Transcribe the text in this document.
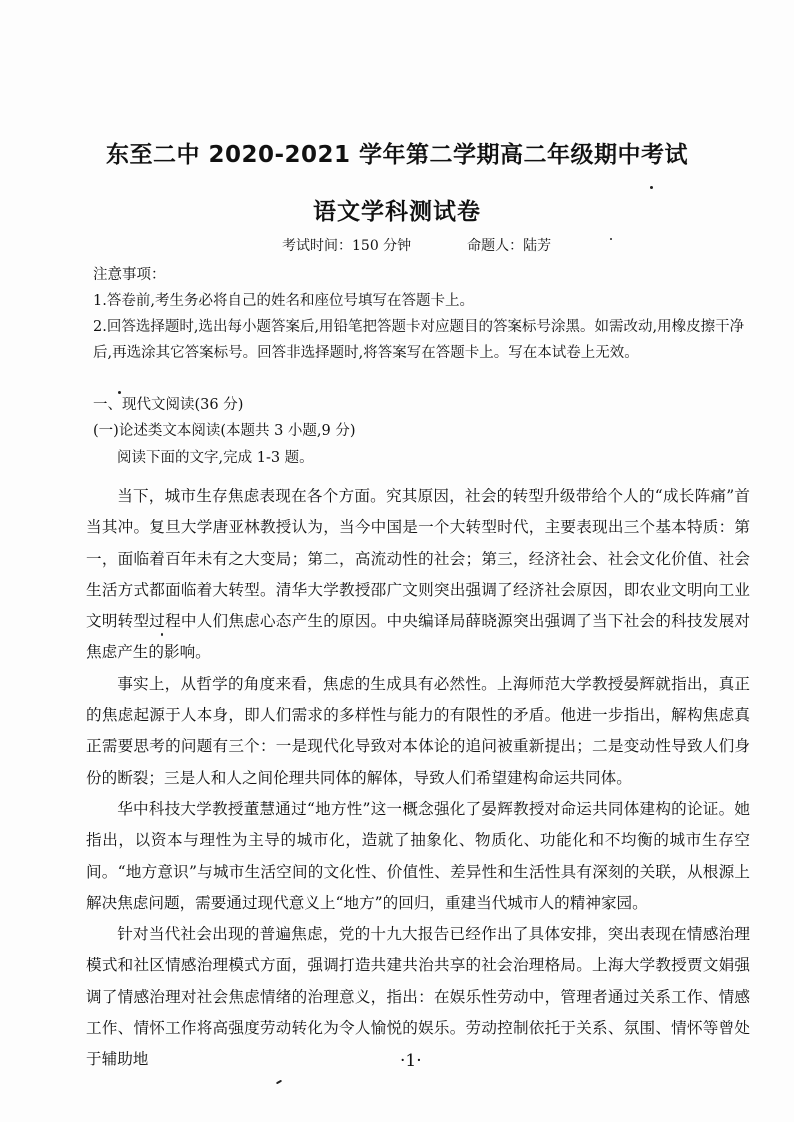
东至二中 2020-2021 学年第二学期高二年级期中考试
语文学科测试卷
考试时间：150 分钟	命题人：陆芳

注意事项：

1.答卷前,考生务必将自己的姓名和座位号填写在答题卡上。

2.回答选择题时,选出每小题答案后,用铅笔把答题卡对应题目的答案标号涂黑。如需改动,用橡皮擦干净后,再选涂其它答案标号。回答非选择题时,将答案写在答题卡上。写在本试卷上无效。

一、现代文阅读(36 分)
(一)论述类文本阅读(本题共 3 小题,9 分)
阅读下面的文字,完成 1-3 题。

当下，城市生存焦虑表现在各个方面。究其原因，社会的转型升级带给个人的“成长阵痛”首当其冲。复旦大学唐亚林教授认为，当今中国是一个大转型时代，主要表现出三个基本特质：第一，面临着百年未有之大变局；第二，高流动性的社会；第三，经济社会、社会文化价值、社会生活方式都面临着大转型。清华大学教授邵广文则突出强调了经济社会原因，即农业文明向工业文明转型过程中人们焦虑心态产生的原因。中央编译局薛晓源突出强调了当下社会的科技发展对焦虑产生的影响。

事实上，从哲学的角度来看，焦虑的生成具有必然性。上海师范大学教授晏辉就指出，真正的焦虑起源于人本身，即人们需求的多样性与能力的有限性的矛盾。他进一步指出，解构焦虑真正需要思考的问题有三个：一是现代化导致对本体论的追问被重新提出；二是变动性导致人们身份的断裂；三是人和人之间伦理共同体的解体，导致人们希望建构命运共同体。

华中科技大学教授董慧通过“地方性”这一概念强化了晏辉教授对命运共同体建构的论证。她指出，以资本与理性为主导的城市化，造就了抽象化、物质化、功能化和不均衡的城市生存空间。“地方意识”与城市生活空间的文化性、价值性、差异性和生活性具有深刻的关联，从根源上解决焦虑问题，需要通过现代意义上“地方”的回归，重建当代城市人的精神家园。

针对当代社会出现的普遍焦虑，党的十九大报告已经作出了具体安排，突出表现在情感治理模式和社区情感治理模式方面，强调打造共建共治共享的社会治理格局。上海大学教授贾文娟强调了情感治理对社会焦虑情绪的治理意义，指出：在娱乐性劳动中，管理者通过关系工作、情感工作、情怀工作将高强度劳动转化为令人愉悦的娱乐。劳动控制依托于关系、氛围、情怀等曾处于辅助地	·1·
